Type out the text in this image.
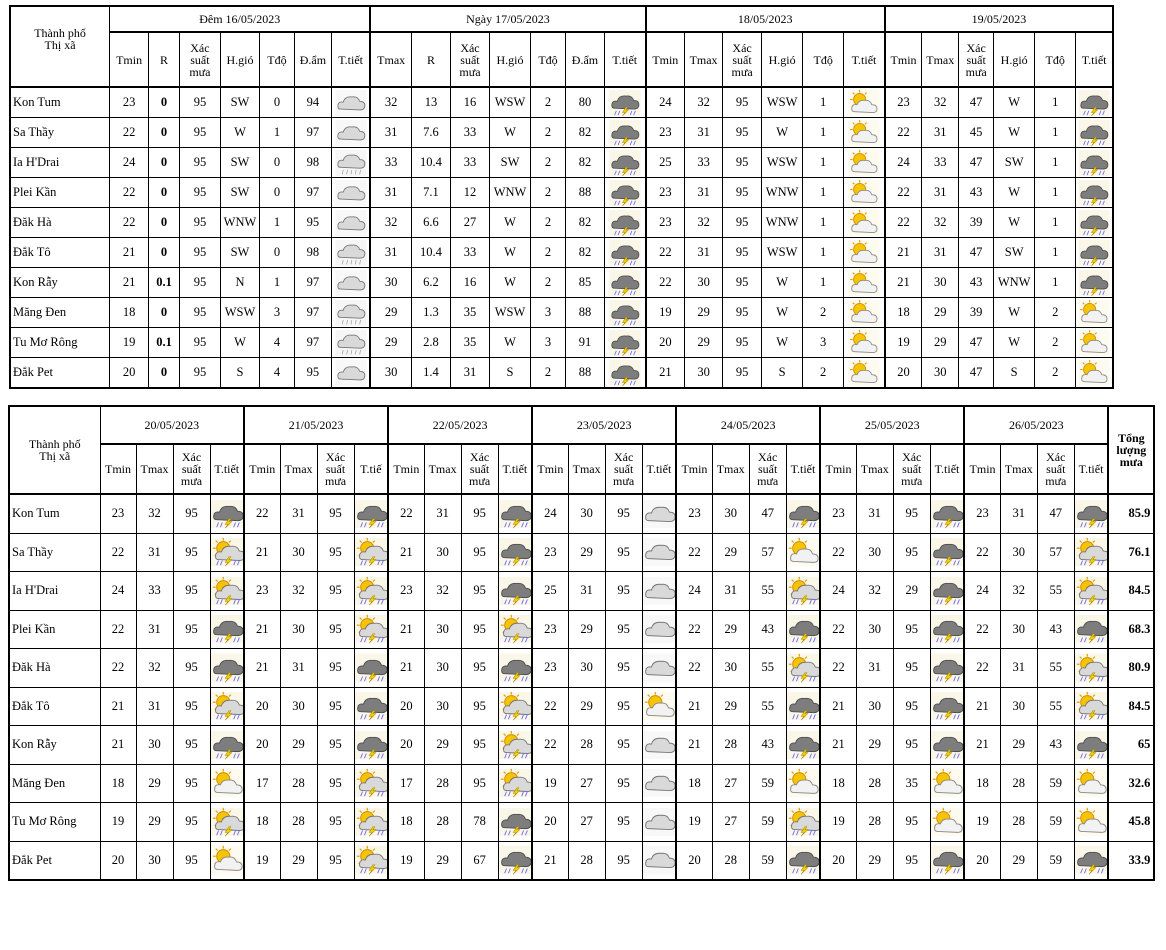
Thành phố
Thị xã	Đêm 16/05/2023							Ngày 17/05/2023							18/05/2023						19/05/2023					
	Tmin	R	Xác suất mưa	H.gió	Tđộ	Đ.ẩm	T.tiết	Tmax	R	Xác suất mưa	H.gió	Tđộ	Đ.ẩm	T.tiết	Tmin	Tmax	Xác suất mưa	H.gió	Tđộ	T.tiết	Tmin	Tmax	Xác suất mưa	H.gió	Tđộ	T.tiết
Kon Tum	23	0	95	SW	0	94		32	13	16	WSW	2	80		24	32	95	WSW	1		23	32	47	W	1	

Sa Thầy	22	0	95	W	1	97		31	7.6	33	W	2	82		23	31	95	W	1		22	31	45	W	1	

Ia H'Drai	24	0	95	SW	0	98		33	10.4	33	SW	2	82		25	33	95	WSW	1		24	33	47	SW	1	

Plei Kần	22	0	95	SW	0	97		31	7.1	12	WNW	2	88		23	31	95	WNW	1		22	31	43	W	1	

Đăk Hà	22	0	95	WNW	1	95		32	6.6	27	W	2	82		23	32	95	WNW	1		22	32	39	W	1	

Đắk Tô	21	0	95	SW	0	98		31	10.4	33	W	2	82		22	31	95	WSW	1		21	31	47	SW	1	

Kon Rẫy	21	0.1	95	N	1	97		30	6.2	16	W	2	85		22	30	95	W	1		21	30	43	WNW	1	

Măng Đen	18	0	95	WSW	3	97		29	1.3	35	WSW	3	88		19	29	95	W	2		18	29	39	W	2	

Tu Mơ Rông	19	0.1	95	W	4	97		29	2.8	35	W	3	91		20	29	95	W	3		19	29	47	W	2	

Đắk Pet	20	0	95	S	4	95		30	1.4	31	S	2	88		21	30	95	S	2		20	30	47	S	2	
Thành phố
Thị xã	20/05/2023				21/05/2023				22/05/2023				23/05/2023				24/05/2023				25/05/2023				26/05/2023				Tổng lượng mưa
	Tmin	Tmax	Xác suất mưa	T.tiết	Tmin	Tmax	Xác suất mưa	T.tiế	Tmin	Tmax	Xác suất mưa	T.tiết	Tmin	Tmax	Xác suất mưa	T.tiết	Tmin	Tmax	Xác suất mưa	T.tiết	Tmin	Tmax	Xác suất mưa	T.tiết	Tmin	Tmax	Xác suất mưa	T.tiết	
Kon Tum	23	32	95		22	31	95		22	31	95		24	30	95		23	30	47		23	31	95		23	31	47		85.9
Sa Thầy	22	31	95		21	30	95		21	30	95		23	29	95		22	29	57		22	30	95		22	30	57		76.1
Ia H'Drai	24	33	95		23	32	95		23	32	95		25	31	95		24	31	55		24	32	29		24	32	55		84.5
Plei Kần	22	31	95		21	30	95		21	30	95		23	29	95		22	29	43		22	30	95		22	30	43		68.3
Đăk Hà	22	32	95		21	31	95		21	30	95		23	30	95		22	30	55		22	31	95		22	31	55		80.9
Đắk Tô	21	31	95		20	30	95		20	30	95		22	29	95		21	29	55		21	30	95		21	30	55		84.5
Kon Rẫy	21	30	95		20	29	95		20	29	95		22	28	95		21	28	43		21	29	95		21	29	43		65
Măng Đen	18	29	95		17	28	95		17	28	95		19	27	95		18	27	59		18	28	35		18	28	59		32.6
Tu Mơ Rông	19	29	95		18	28	95		18	28	78		20	27	95		19	27	59		19	28	95		19	28	59		45.8
Đắk Pet	20	30	95		19	29	95		19	29	67		21	28	95		20	28	59		20	29	95		20	29	59		33.9
